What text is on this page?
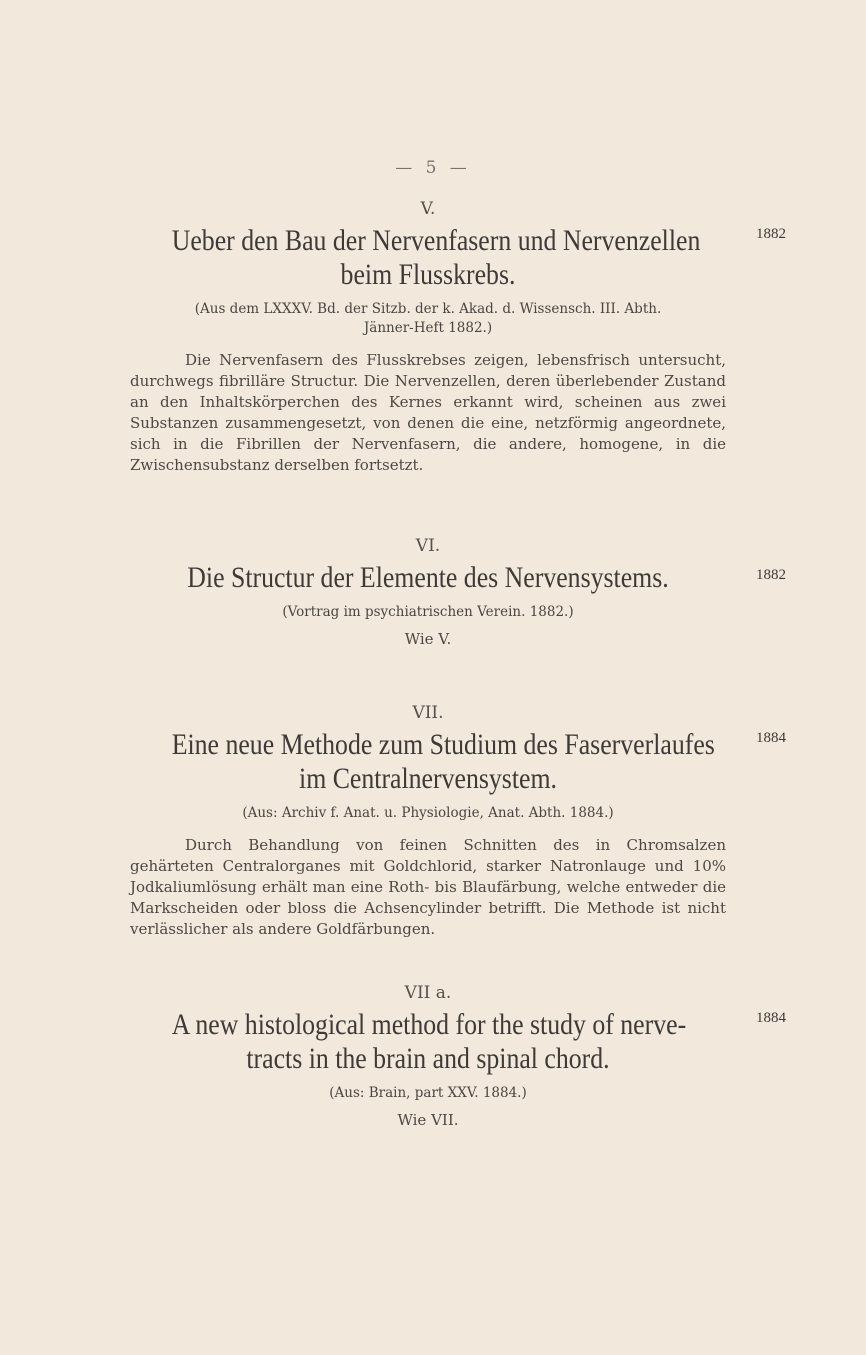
— 5 —

V.

Ueber den Bau der Nervenfasern und Nervenzellen	1882

beim Flusskrebs.

(Aus dem LXXXV. Bd. der Sitzb. der k. Akad. d. Wissensch. III. Abth.
Jänner-Heft 1882.)

Die Nervenfasern des Flusskrebses zeigen, lebensfrisch untersucht, durchwegs fibrilläre Structur. Die Nervenzellen, deren überlebender Zustand an den Inhaltskörperchen des Kernes erkannt wird, scheinen aus zwei Substanzen zusammengesetzt, von denen die eine, netzförmig angeordnete, sich in die Fibrillen der Nervenfasern, die andere, homogene, in die Zwischensubstanz derselben fortsetzt.

VI.

Die Structur der Elemente des Nervensystems.	1882

(Vortrag im psychiatrischen Verein. 1882.)

Wie V.

VII.

Eine neue Methode zum Studium des Faserverlaufes	1884

im Centralnervensystem.

(Aus: Archiv f. Anat. u. Physiologie, Anat. Abth. 1884.)

Durch Behandlung von feinen Schnitten des in Chromsalzen gehärteten Centralorganes mit Goldchlorid, starker Natronlauge und 10% Jodkaliumlösung erhält man eine Roth- bis Blaufärbung, welche entweder die Markscheiden oder bloss die Achsencylinder betrifft. Die Methode ist nicht verlässlicher als andere Goldfärbungen.

VII a.

A new histological method for the study of nerve-	1884

tracts in the brain and spinal chord.

(Aus: Brain, part XXV. 1884.)

Wie VII.
